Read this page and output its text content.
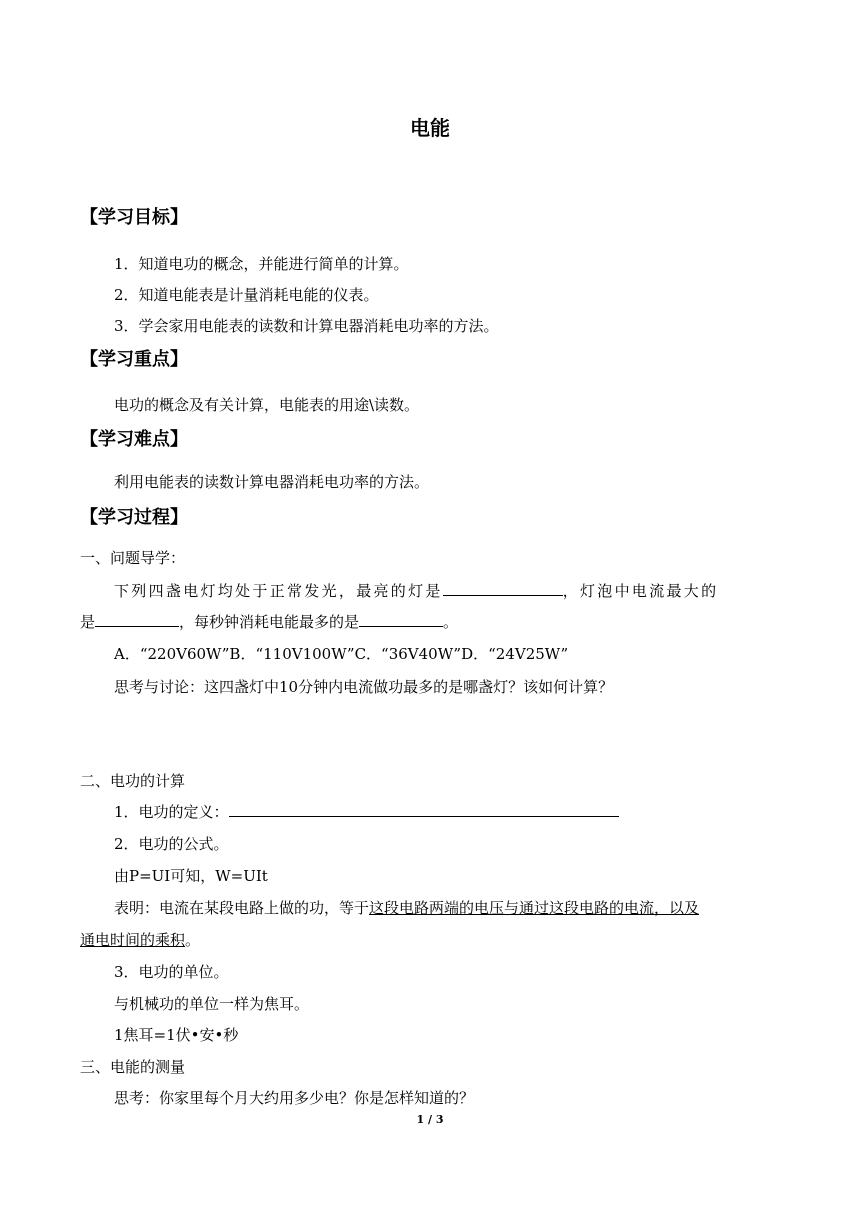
电能
【学习目标】
1．知道电功的概念，并能进行简单的计算。
2．知道电能表是计量消耗电能的仪表。
3．学会家用电能表的读数和计算电器消耗电功率的方法。
【学习重点】
电功的概念及有关计算，电能表的用途\读数。
【学习难点】
利用电能表的读数计算电器消耗电功率的方法。
【学习过程】
一、问题导学：
下列四盏电灯均处于正常发光，最亮的灯是	，灯泡中电流最大的
是	，每秒钟消耗电能最多的是	。
A．“220V60W”B．“110V100W”C．“36V40W”D．“24V25W”
思考与讨论：这四盏灯中10分钟内电流做功最多的是哪盏灯？该如何计算？
二、电功的计算
1．电功的定义：
2．电功的公式。
由P=UI可知，W=UIt
表明：电流在某段电路上做的功，等于这段电路两端的电压与通过这段电路的电流，以及
通电时间的乘积。
3．电功的单位。
与机械功的单位一样为焦耳。
1焦耳=1伏•安•秒
三、电能的测量
思考：你家里每个月大约用多少电？你是怎样知道的？
1 / 3
